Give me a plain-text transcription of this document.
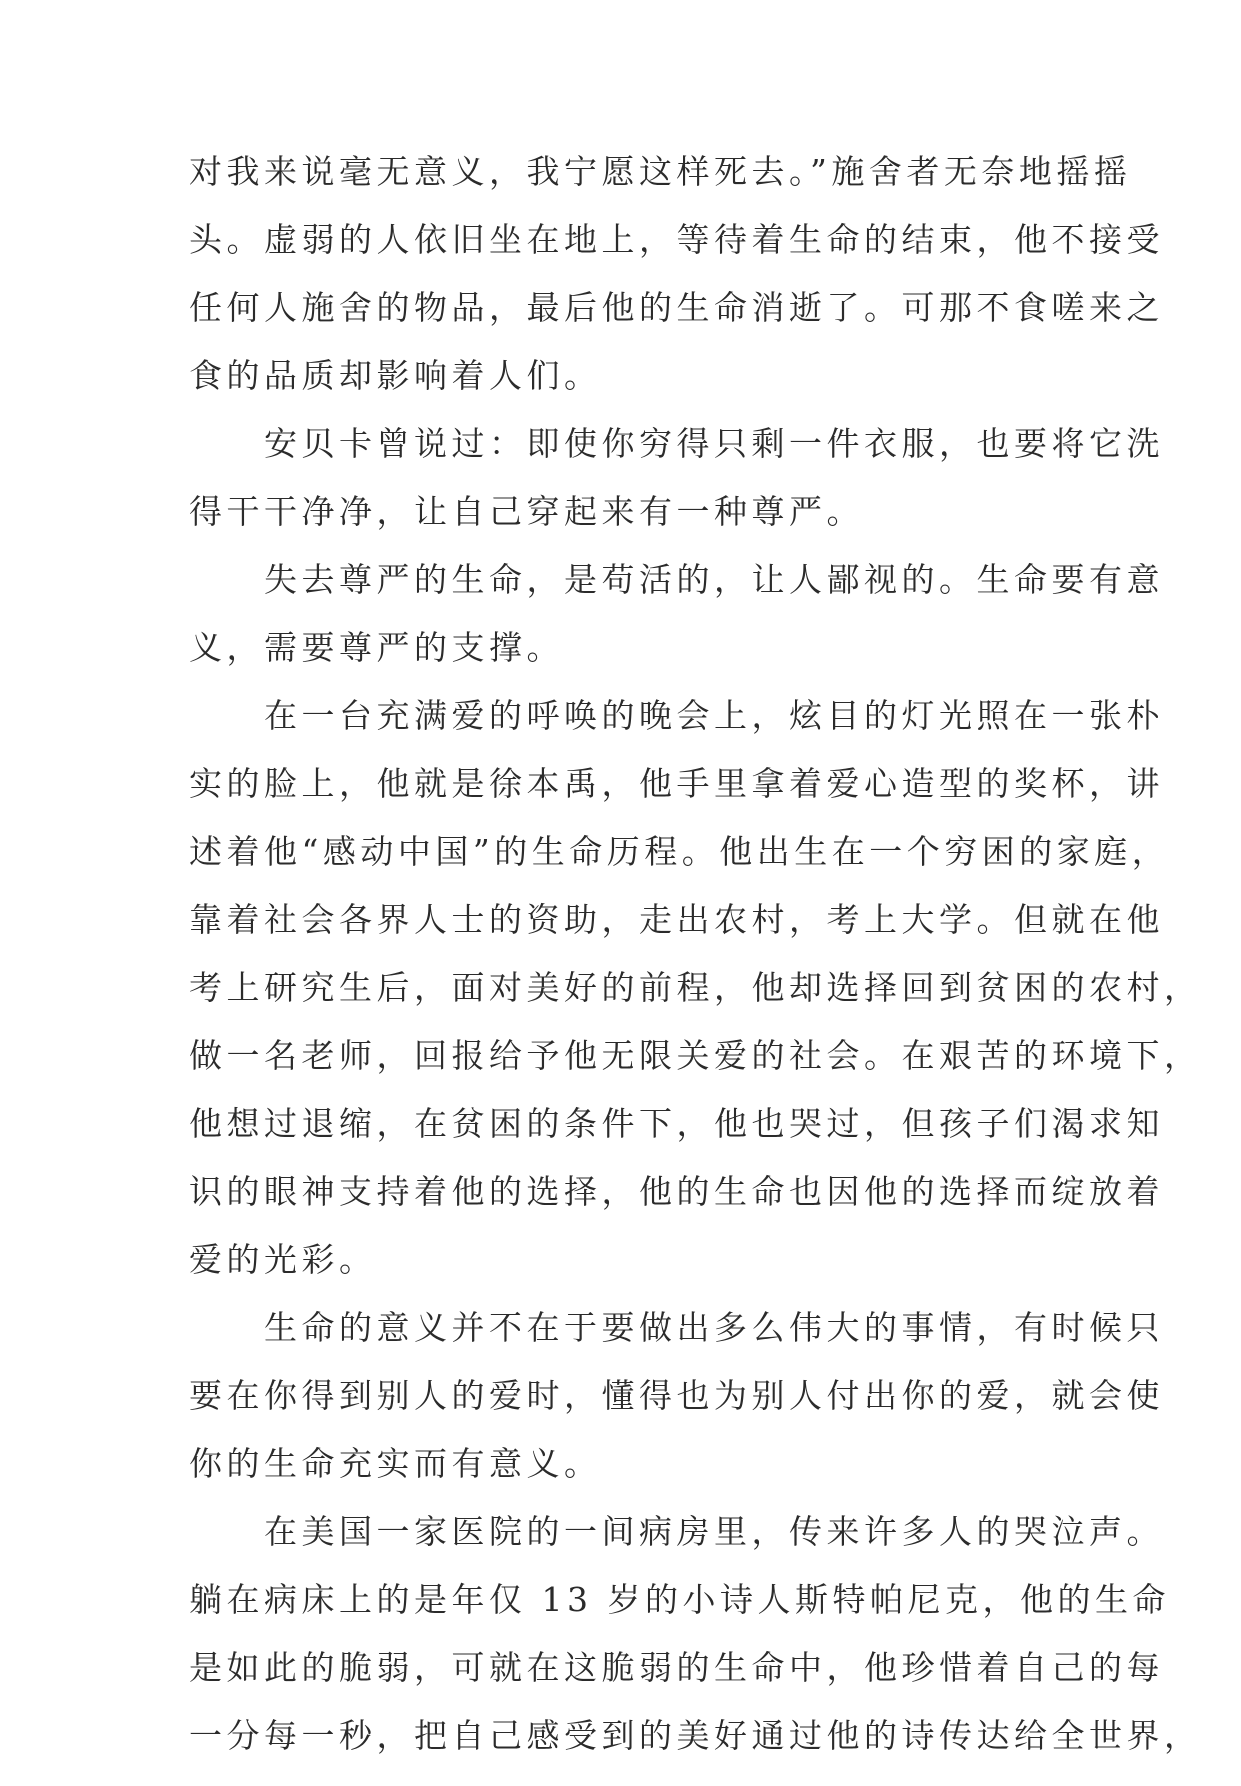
对我来说毫无意义，我宁愿这样死去。”施舍者无奈地摇摇
头。虚弱的人依旧坐在地上，等待着生命的结束，他不接受
任何人施舍的物品，最后他的生命消逝了。可那不食嗟来之
食的品质却影响着人们。
　　安贝卡曾说过：即使你穷得只剩一件衣服，也要将它洗
得干干净净，让自己穿起来有一种尊严。
　　失去尊严的生命，是苟活的，让人鄙视的。生命要有意
义，需要尊严的支撑。
　　在一台充满爱的呼唤的晚会上，炫目的灯光照在一张朴
实的脸上，他就是徐本禹，他手里拿着爱心造型的奖杯，讲
述着他“感动中国”的生命历程。他出生在一个穷困的家庭，
靠着社会各界人士的资助，走出农村，考上大学。但就在他
考上研究生后，面对美好的前程，他却选择回到贫困的农村，
做一名老师，回报给予他无限关爱的社会。在艰苦的环境下，
他想过退缩，在贫困的条件下，他也哭过，但孩子们渴求知
识的眼神支持着他的选择，他的生命也因他的选择而绽放着
爱的光彩。
　　生命的意义并不在于要做出多么伟大的事情，有时候只
要在你得到别人的爱时，懂得也为别人付出你的爱，就会使
你的生命充实而有意义。
　　在美国一家医院的一间病房里，传来许多人的哭泣声。
躺在病床上的是年仅 13 岁的小诗人斯特帕尼克，他的生命
是如此的脆弱，可就在这脆弱的生命中，他珍惜着自己的每
一分每一秒，把自己感受到的美好通过他的诗传达给全世界，
